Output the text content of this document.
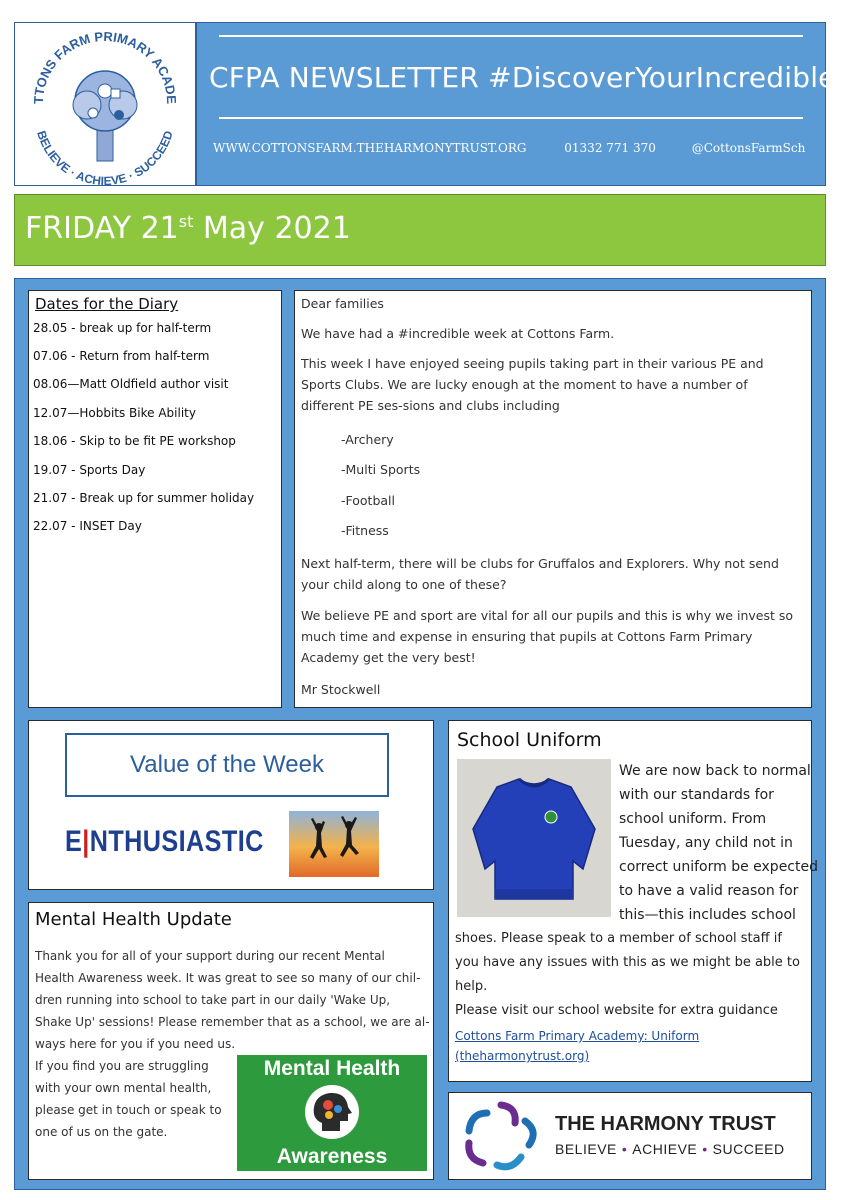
TTONS FARM PRIMARY ACADE
BELIEVE · ACHIEVE · SUCCEED
CFPA NEWSLETTER #DiscoverYourIncredible
WWW.COTTONSFARM.THEHARMONYTRUST.ORG	01332 771 370	@CottonsFarmSch
FRIDAY 21st May 2021
Dates for the Diary
28.05 - break up for half-term
07.06 - Return from half-term
08.06—Matt Oldfield author visit
12.07—Hobbits Bike Ability
18.06 - Skip to be fit PE workshop
19.07 - Sports Day
21.07 - Break up for summer holiday
22.07 - INSET Day
Dear families
We have had a #incredible week at Cottons Farm.
This week I have enjoyed seeing pupils taking part in their various PE and Sports Clubs. We are lucky enough at the moment to have a number of different PE ses-sions and clubs including
-Archery
-Multi Sports
-Football
-Fitness
Next half-term, there will be clubs for Gruffalos and Explorers. Why not send your child along to one of these?
We believe PE and sport are vital for all our pupils and this is why we invest so much time and expense in ensuring that pupils at Cottons Farm Primary Academy get the very best!
Mr Stockwell
Value of the Week
E|NTHUSIASTIC
School Uniform
We are now back to normal
with our standards for
school uniform. From
Tuesday, any child not in
correct uniform be expected
to have a valid reason for
this—this includes school
shoes. Please speak to a member of school staff if
you have any issues with this as we might be able to
help.
Please visit our school website for extra guidance
Cottons Farm Primary Academy: Uniform
(theharmonytrust.org)
Mental Health Update
Thank you for all of your support during our recent Mental
Health Awareness week. It was great to see so many of our chil-
dren running into school to take part in our daily 'Wake Up,
Shake Up' sessions! Please remember that as a school, we are al-
ways here for you if you need us.
If you find you are struggling
with your own mental health,
please get in touch or speak to
one of us on the gate.
Mental Health
Awareness
THE HARMONY TRUST
BELIEVE • ACHIEVE • SUCCEED
